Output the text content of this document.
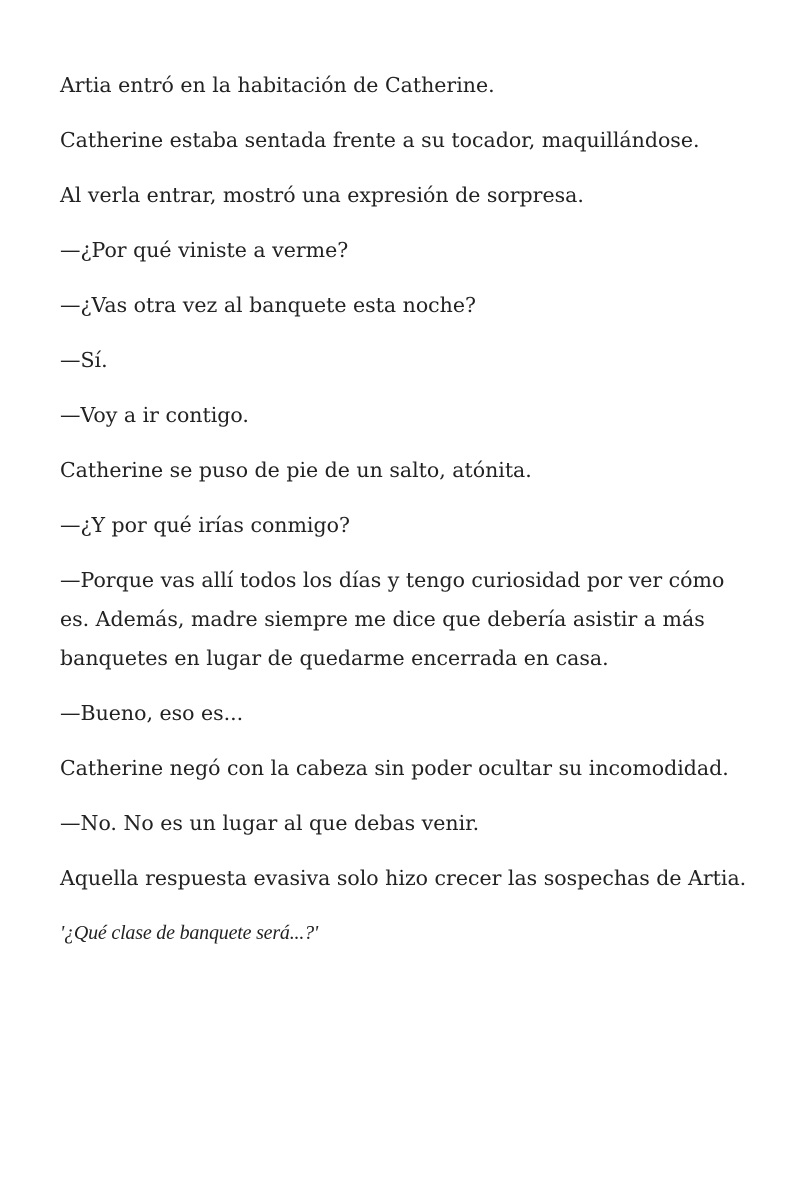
Artia entró en la habitación de Catherine.

Catherine estaba sentada frente a su tocador, maquillándose.

Al verla entrar, mostró una expresión de sorpresa.

—¿Por qué viniste a verme?

—¿Vas otra vez al banquete esta noche?

—Sí.

—Voy a ir contigo.

Catherine se puso de pie de un salto, atónita.

—¿Y por qué irías conmigo?

—Porque vas allí todos los días y tengo curiosidad por ver cómo es. Además, madre siempre me dice que debería asistir a más banquetes en lugar de quedarme encerrada en casa.

—Bueno, eso es...

Catherine negó con la cabeza sin poder ocultar su incomodidad.

—No. No es un lugar al que debas venir.

Aquella respuesta evasiva solo hizo crecer las sospechas de Artia.

'¿Qué clase de banquete será...?'
